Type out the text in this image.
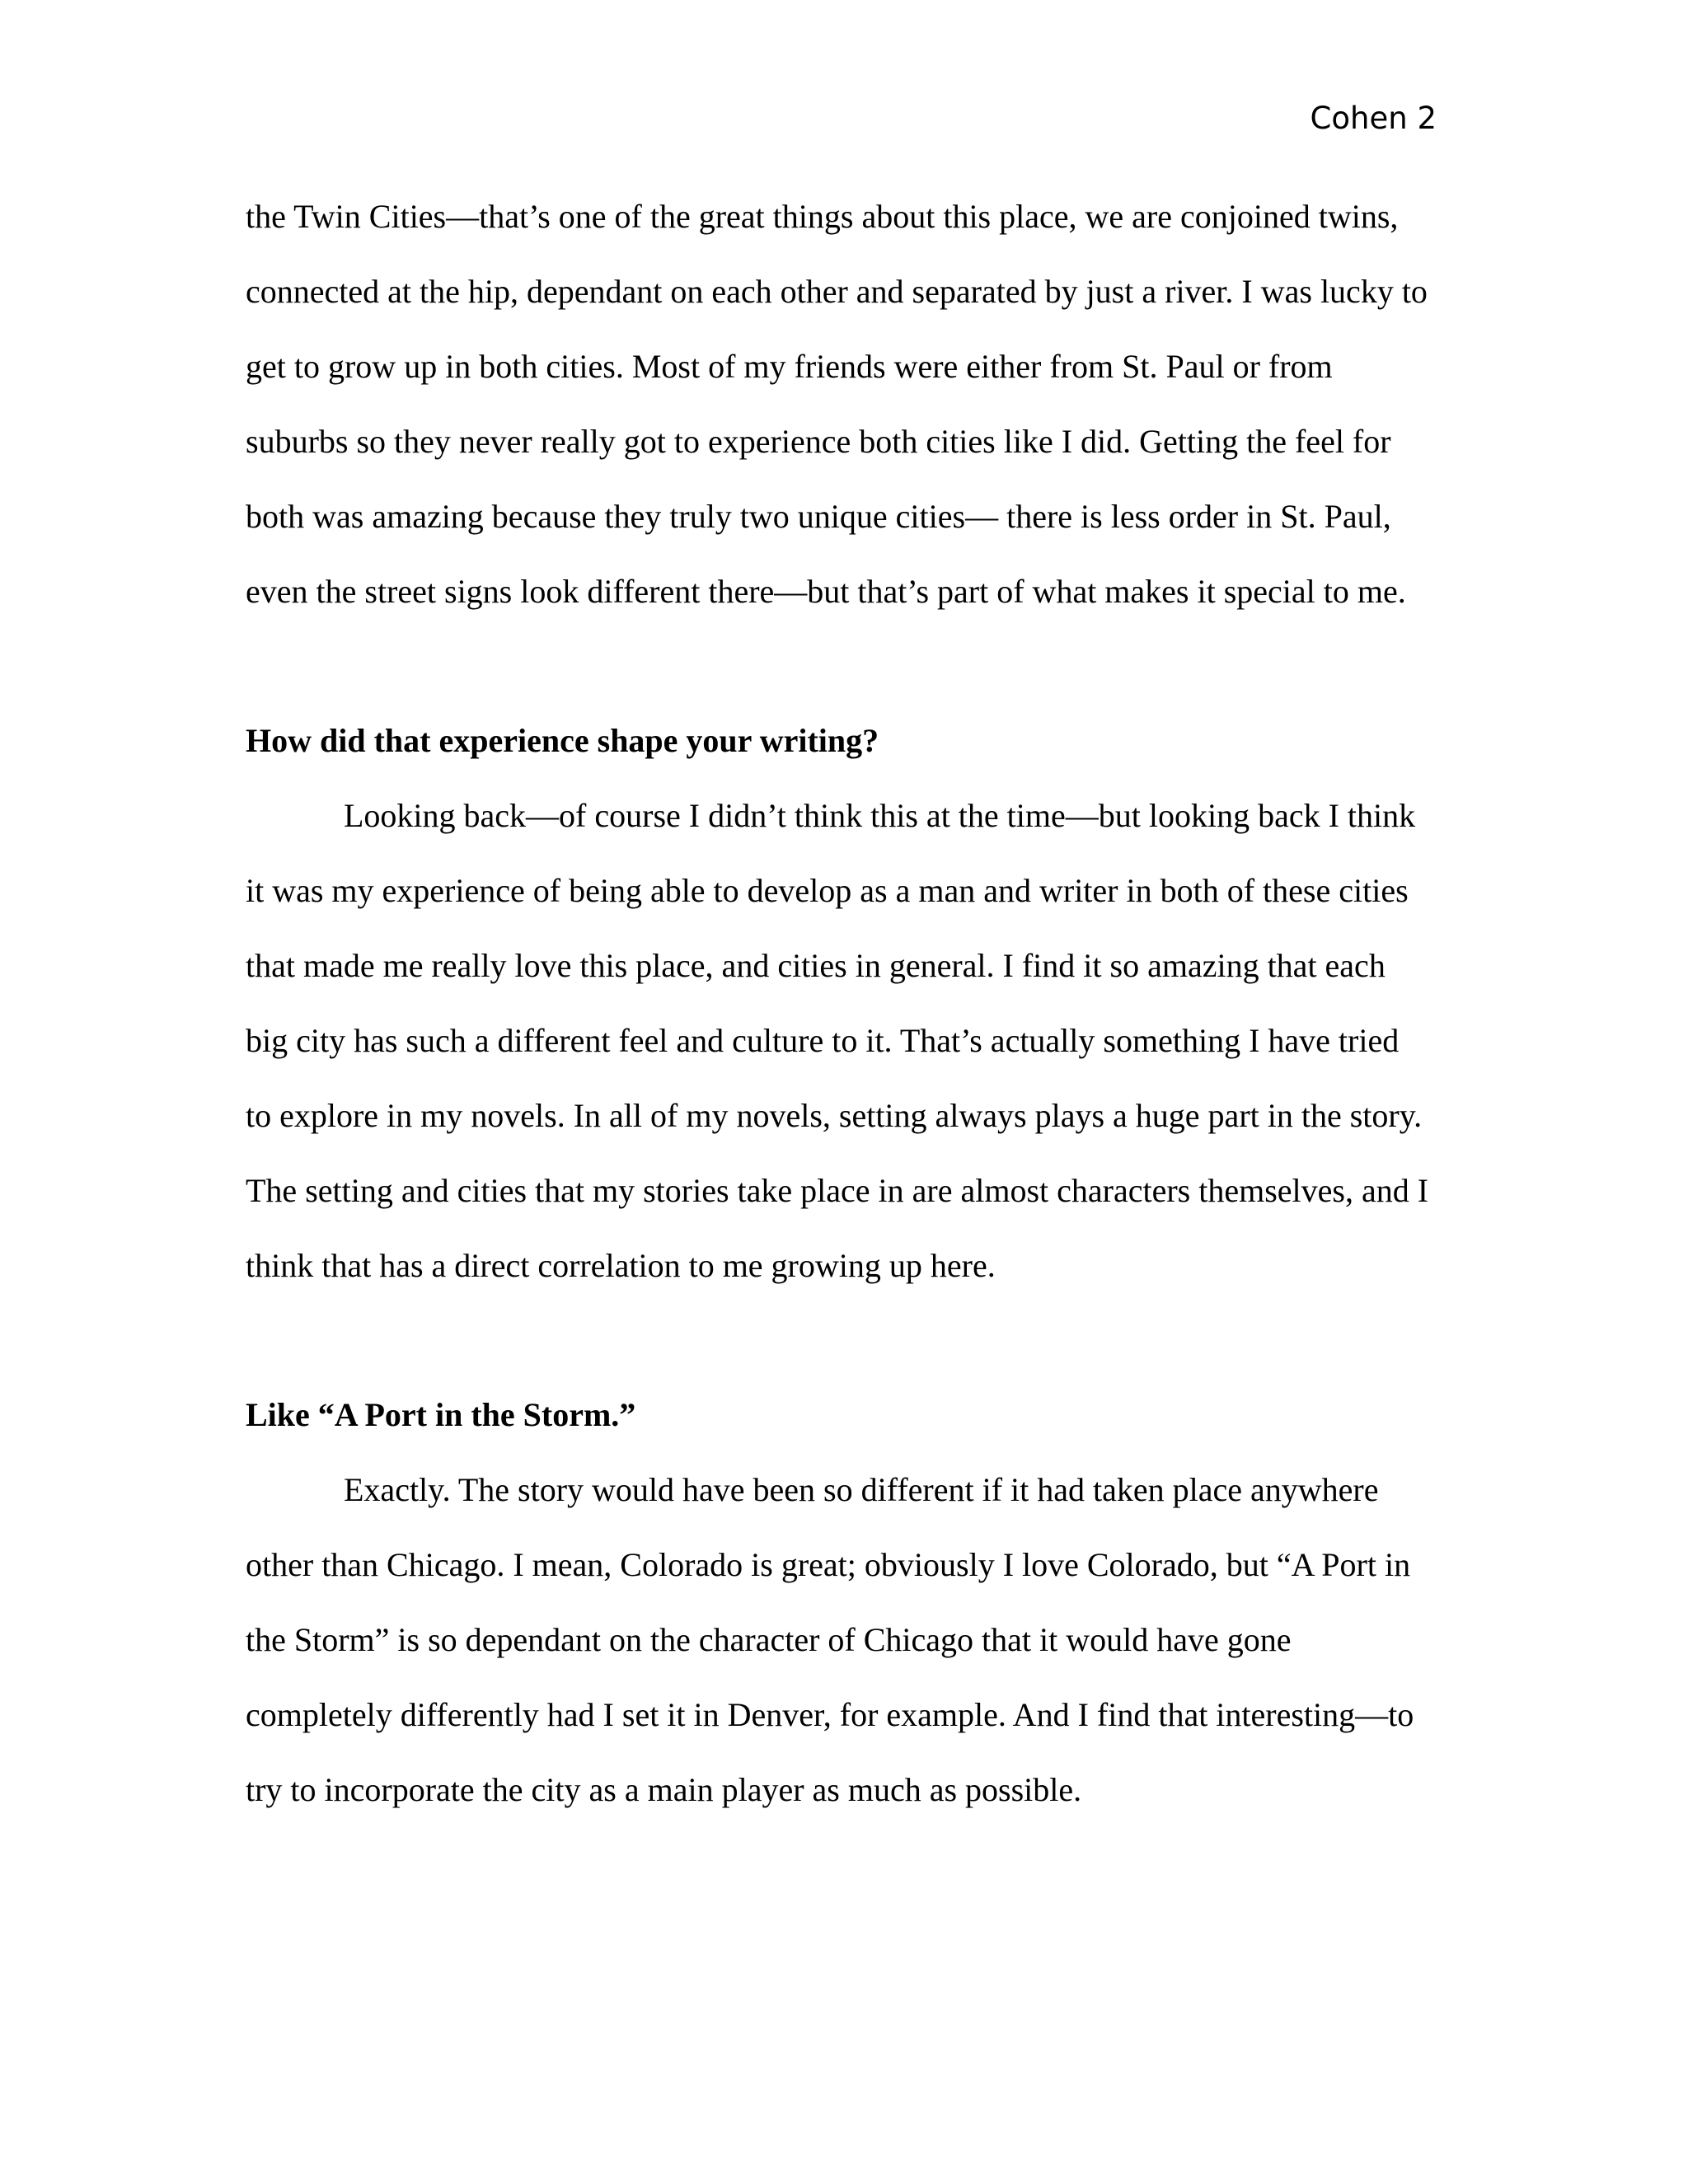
Cohen 2
the Twin Cities—that’s one of the great things about this place, we are conjoined twins,
connected at the hip, dependant on each other and separated by just a river. I was lucky to
get to grow up in both cities. Most of my friends were either from St. Paul or from
suburbs so they never really got to experience both cities like I did. Getting the feel for
both was amazing because they truly two unique cities— there is less order in St. Paul,
even the street signs look different there—but that’s part of what makes it special to me.
How did that experience shape your writing?
Looking back—of course I didn’t think this at the time—but looking back I think
it was my experience of being able to develop as a man and writer in both of these cities
that made me really love this place, and cities in general. I find it so amazing that each
big city has such a different feel and culture to it. That’s actually something I have tried
to explore in my novels. In all of my novels, setting always plays a huge part in the story.
The setting and cities that my stories take place in are almost characters themselves, and I
think that has a direct correlation to me growing up here.
Like “A Port in the Storm.”
Exactly. The story would have been so different if it had taken place anywhere
other than Chicago. I mean, Colorado is great; obviously I love Colorado, but “A Port in
the Storm” is so dependant on the character of Chicago that it would have gone
completely differently had I set it in Denver, for example. And I find that interesting—to
try to incorporate the city as a main player as much as possible.
